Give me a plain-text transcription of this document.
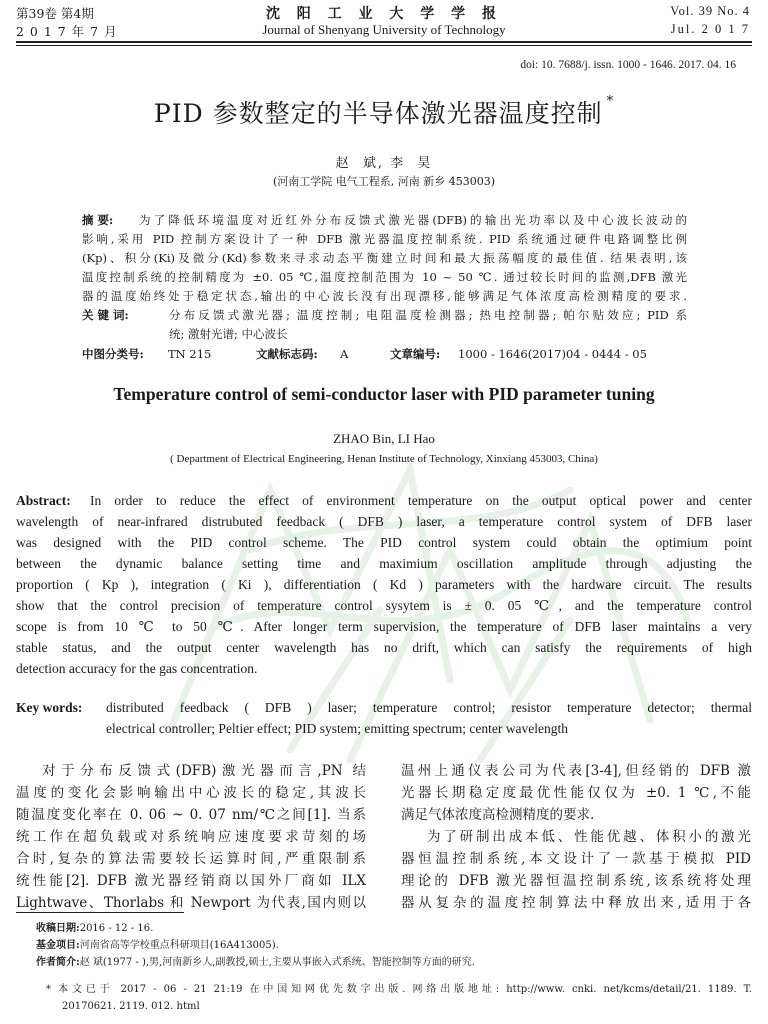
第39卷 第4期
2 0 1 7 年 7 月
沈 阳 工 业 大 学 学 报
Journal of Shenyang University of Technology
Vol. 39 No. 4
Jul. 2 0 1 7
doi: 10. 7688/j. issn. 1000 - 1646. 2017. 04. 16
PID 参数整定的半导体激光器温度控制 *
赵  斌, 李  昊
(河南工学院 电气工程系, 河南 新乡 453003)
摘 要: 为了降低环境温度对近红外分布反馈式激光器(DFB)的输出光功率以及中心波长波动的
影响,采用 PID 控制方案设计了一种 DFB 激光器温度控制系统. PID 系统通过硬件电路调整比例
(Kp)、积分(Ki)及微分(Kd)参数来寻求动态平衡建立时间和最大振荡幅度的最佳值. 结果表明,该
温度控制系统的控制精度为 ±0. 05 ℃,温度控制范围为 10 ~ 50 ℃. 通过较长时间的监测,DFB 激光
器的温度始终处于稳定状态,输出的中心波长没有出现漂移,能够满足气体浓度高检测精度的要求.
关 键 词:	分布反馈式激光器; 温度控制; 电阻温度检测器; 热电控制器; 帕尔贴效应; PID 系
统; 激射光谱; 中心波长
中图分类号: TN 215	文献标志码: A	文章编号: 1000 - 1646(2017)04 - 0444 - 05
Temperature control of semi-conductor laser with PID parameter tuning
ZHAO Bin, LI Hao
( Department of Electrical Engineering, Henan Institute of Technology, Xinxiang 453003, China)
Abstract: In order to reduce the effect of environment temperature on the output optical power and center
wavelength of near-infrared distrubuted feedback ( DFB ) laser, a temperature control system of DFB laser
was designed with the PID control scheme. The PID control system could obtain the optimium point
between the dynamic balance setting time and maximium oscillation amplitude through adjusting the
proportion ( Kp ), integration ( Ki ), differentiation ( Kd ) parameters with the hardware circuit. The results
show that the control precision of temperature control sysytem is ± 0. 05 ℃, and the temperature control
scope is from 10 ℃ to 50 ℃. After longer term supervision, the temperature of DFB laser maintains a very
stable status, and the output center wavelength has no drift, which can satisfy the requirements of high
detection accuracy for the gas concentration.
Key words: distributed feedback ( DFB ) laser; temperature control; resistor temperature detector; thermal
electrical controller; Peltier effect; PID system; emitting spectrum; center wavelength
对于分布反馈式(DFB)激光器而言,PN 结
温度的变化会影响输出中心波长的稳定,其波长
随温度变化率在 0. 06 ~ 0. 07 nm/℃之间[1]. 当系
统工作在超负载或对系统响应速度要求苛刻的场
合时,复杂的算法需要较长运算时间,严重限制系
统性能[2]. DFB 激光器经销商以国外厂商如 ILX
Lightwave、Thorlabs 和 Newport 为代表,国内则以
温州上通仪表公司为代表[3-4],但经销的 DFB 激
光器长期稳定度最优性能仅仅为 ±0. 1 ℃,不能
满足气体浓度高检测精度的要求.
为了研制出成本低、性能优越、体积小的激光
器恒温控制系统,本文设计了一款基于模拟 PID
理论的 DFB 激光器恒温控制系统,该系统将处理
器从复杂的温度控制算法中释放出来,适用于各
收稿日期:2016 - 12 - 16.
基金项目:河南省高等学校重点科研项目(16A413005).
作者简介:赵 斌(1977 - ),男,河南新乡人,副教授,硕士,主要从事嵌入式系统、智能控制等方面的研究.
* 本文已于 2017 - 06 - 21 21:19 在中国知网优先数字出版. 网络出版地址: http://www. cnki. net/kcms/detail/21. 1189. T.
20170621. 2119. 012. html
